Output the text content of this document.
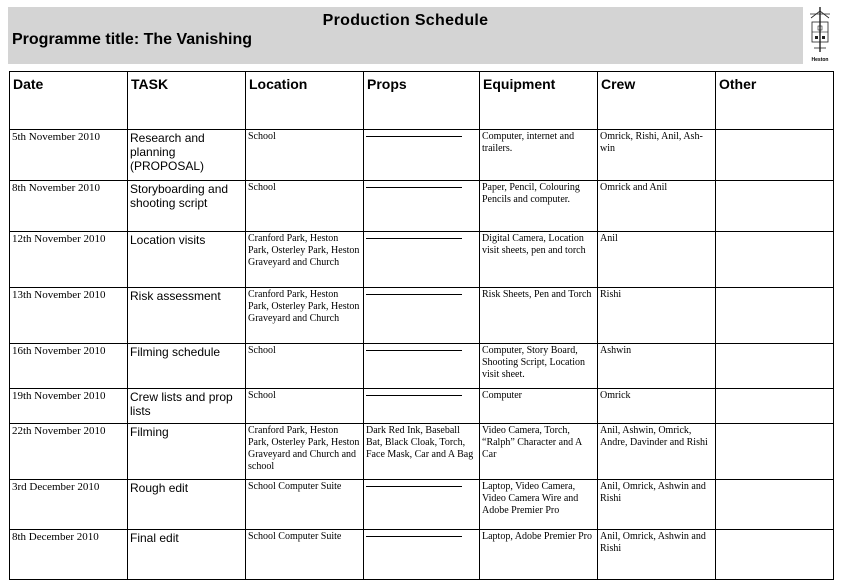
Production Schedule
Programme title: The Vanishing
Heston
Date	TASK	Location	Props	Equipment	Crew	Other
5th November 2010	Research and planning (PROPOSAL)	School		Computer, internet and trailers.	Omrick, Rishi, Anil, Ash-win	
8th November 2010	Storyboarding and shooting script	School		Paper, Pencil, Colouring Pencils and computer.	Omrick and Anil	
12th November 2010	Location visits	Cranford Park, Heston Park, Osterley Park, Heston Graveyard and Church		Digital Camera, Location visit sheets, pen and torch	Anil	
13th November 2010	Risk assessment	Cranford Park, Heston Park, Osterley Park, Heston Graveyard and Church		Risk Sheets, Pen and Torch	Rishi	
16th November 2010	Filming schedule	School		Computer, Story Board, Shooting Script, Location visit sheet.	Ashwin	
19th November 2010	Crew lists and prop lists	School		Computer	Omrick	
22th November 2010	Filming	Cranford Park, Heston Park, Osterley Park, Heston Graveyard and Church and school	Dark Red Ink, Baseball Bat, Black Cloak, Torch, Face Mask, Car and A Bag	Video Camera, Torch, “Ralph” Character and A Car	Anil, Ashwin, Omrick, Andre, Davinder and Rishi	
3rd December 2010	Rough edit	School Computer Suite		Laptop, Video Camera, Video Camera Wire and Adobe Premier Pro	Anil, Omrick, Ashwin and Rishi	
8th December 2010	Final edit	School Computer Suite		Laptop, Adobe Premier Pro	Anil, Omrick, Ashwin and Rishi	
